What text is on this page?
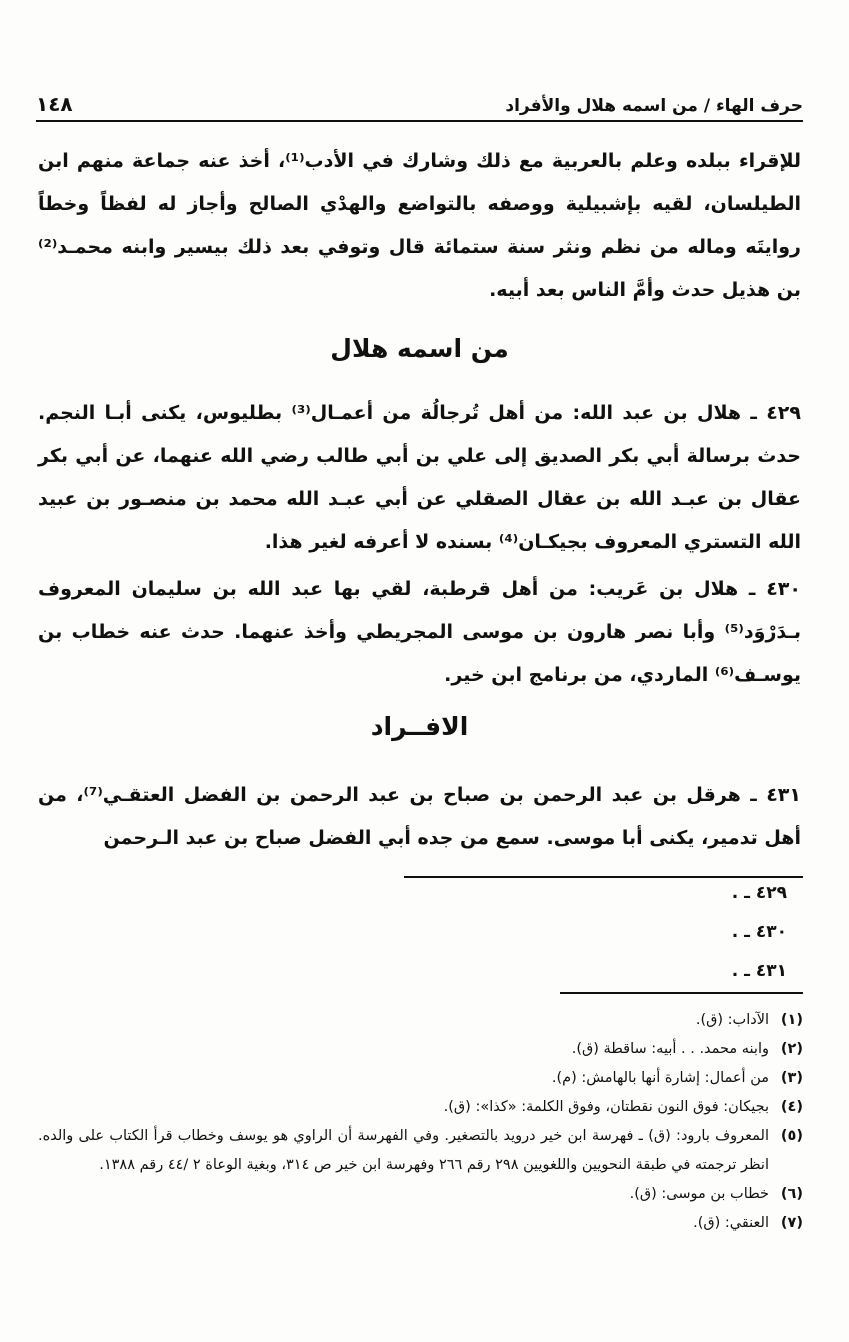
حرف الهاء / من اسمه هلال والأفراد
١٤٨

للإقراء ببلده وعلم بالعربية مع ذلك وشارك في الأدب⁽¹⁾، أخذ عنه جماعة منهم ابن الطيلسان، لقيه بإشبيلية ووصفه بالتواضع والهدْي الصالح وأجاز له لفظاً وخطاً روايتَه وماله من نظم ونثر سنة ستمائة قال وتوفي بعد ذلك بيسير وابنه محمـد⁽²⁾ بن هذيل حدث وأمَّ الناس بعد أبيه.

من اسمه هلال

٤٢٩ ـ هلال بن عبد الله: من أهل تُرجالُة من أعمـال⁽³⁾ بطليوس، يكنى أبـا النجم. حدث برسالة أبي بكر الصديق إلى علي بن أبي طالب رضي الله عنهما، عن أبي بكر عقال بن عبـد الله بن عقال الصقلي عن أبي عبـد الله محمد بن منصـور بن عبيد الله التستري المعروف بجيكـان⁽⁴⁾ بسنده لا أعرفه لغير هذا.

٤٣٠ ـ هلال بن عَريب: من أهل قرطبة، لقي بها عبد الله بن سليمان المعروف بـدَرْوَد⁽⁵⁾ وأبا نصر هارون بن موسى المجريطي وأخذ عنهما. حدث عنه خطاب بن يوسـف⁽⁶⁾ الماردي، من برنامج ابن خير.

الافــراد

٤٣١ ـ هرقل بن عبد الرحمن بن صباح بن عبد الرحمن بن الفضل العتقـي⁽⁷⁾، من أهل تدمير، يكنى أبا موسى. سمع من جده أبي الفضل صباح بن عبد الـرحمن

٤٢٩ ـ .
٤٣٠ ـ .
٤٣١ ـ .
(١)
الآداب: (ق).
(٢)
وابنه محمد. . . أبيه: ساقطة (ق).
(٣)
من أعمال: إشارة أنها بالهامش: (م).
(٤)
بجيكان: فوق النون نقطتان، وفوق الكلمة: «كذا»: (ق).
(٥)
المعروف بارود: (ق) ـ فهرسة ابن خير درويد بالتصغير. وفي الفهرسة أن الراوي هو يوسف وخطاب قرأ الكتاب على والده. انظر ترجمته في طبقة النحويين واللغويين ٢٩٨ رقم ٢٦٦ وفهرسة ابن خير ص ٣١٤، وبغية الوعاة ٢ /٤٤ رقم ١٣٨٨.
(٦)
خطاب بن موسى: (ق).
(٧)
العنقي: (ق).
